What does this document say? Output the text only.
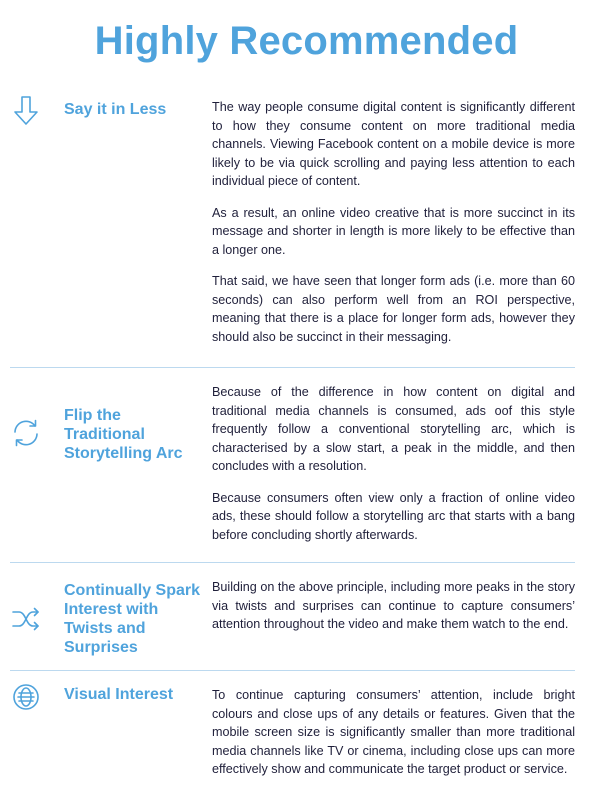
Highly Recommended
Say it in Less	The way people consume digital content is significantly different to how they consume content on more traditional media channels. Viewing Facebook content on a mobile device is more likely to be via quick scrolling and paying less attention to each individual piece of content.

As a result, an online video creative that is more succinct in its message and shorter in length is more likely to be effective than a longer one.

That said, we have seen that longer form ads (i.e. more than 60 seconds) can also perform well from an ROI perspective, meaning that there is a place for longer form ads, however they should also be succinct in their messaging.

Flip the Traditional Storytelling Arc

Because of the difference in how content on digital and traditional media channels is consumed, ads oof this style frequently follow a conventional storytelling arc, which is characterised by a slow start, a peak in the middle, and then concludes with a resolution.

Because consumers often view only a fraction of online video ads, these should follow a storytelling arc that starts with a bang before concluding shortly afterwards.

Continually Spark Interest with Twists and Surprises

Building on the above principle, including more peaks in the story via twists and surprises can continue to capture consumers’ attention throughout the video and make them watch to the end.

Visual Interest	To continue capturing consumers’ attention, include bright colours and close ups of any details or features. Given that the mobile screen size is significantly smaller than more traditional media channels like TV or cinema, including close ups can more effectively show and communicate the target product or service.
